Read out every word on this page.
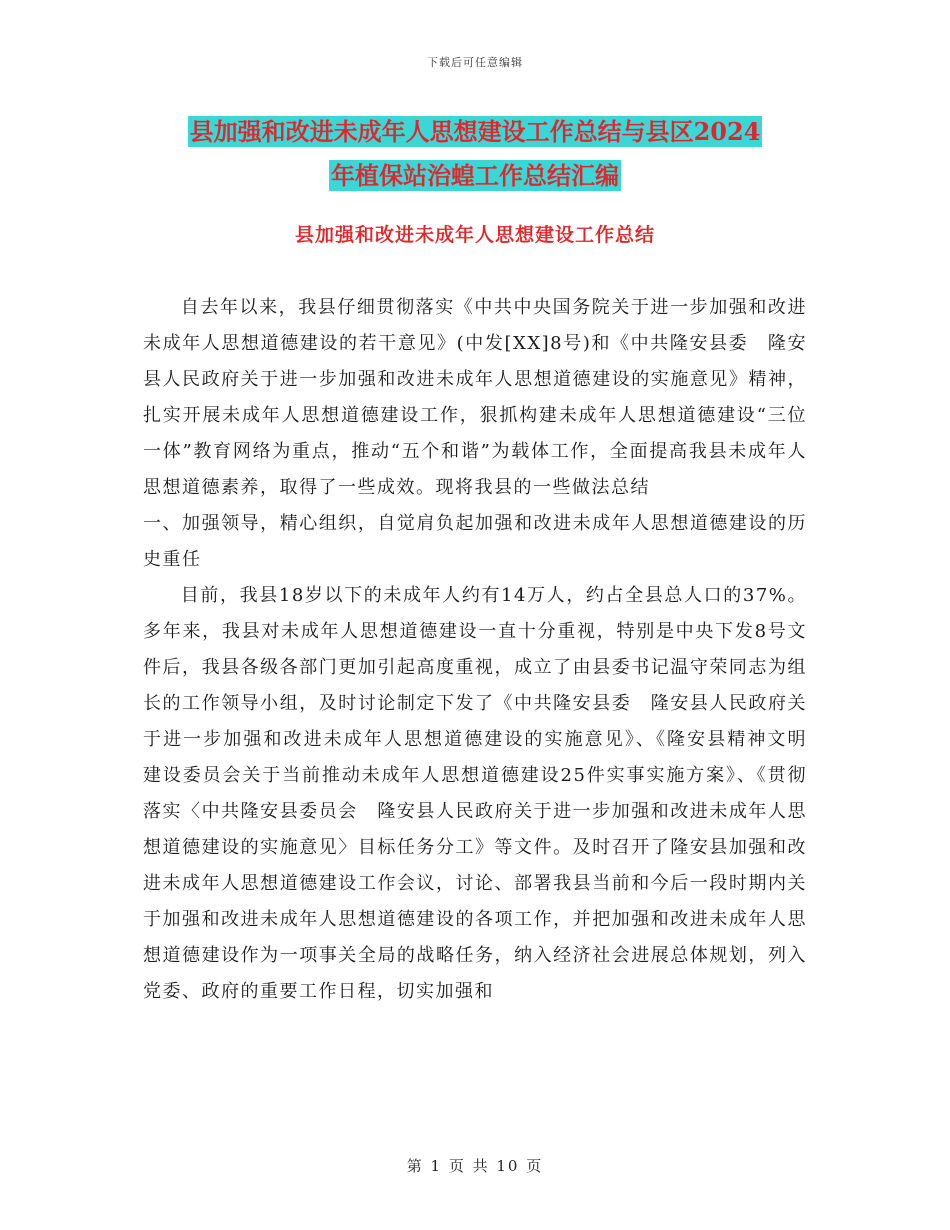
下载后可任意编辑
县加强和改进未成年人思想建设工作总结与县区2024
年植保站治蝗工作总结汇编
县加强和改进未成年人思想建设工作总结

自去年以来，我县仔细贯彻落实《中共中央国务院关于进一步加强和改进未成年人思想道德建设的若干意见》(中发[XX]8号)和《中共隆安县委　隆安县人民政府关于进一步加强和改进未成年人思想道德建设的实施意见》精神，扎实开展未成年人思想道德建设工作，狠抓构建未成年人思想道德建设“三位一体”教育网络为重点，推动“五个和谐”为载体工作，全面提高我县未成年人思想道德素养，取得了一些成效。现将我县的一些做法总结

一、加强领导，精心组织，自觉肩负起加强和改进未成年人思想道德建设的历史重任

目前，我县18岁以下的未成年人约有14万人，约占全县总人口的37%。多年来，我县对未成年人思想道德建设一直十分重视，特别是中央下发8号文件后，我县各级各部门更加引起高度重视，成立了由县委书记温守荣同志为组长的工作领导小组，及时讨论制定下发了《中共隆安县委　隆安县人民政府关于进一步加强和改进未成年人思想道德建设的实施意见》、《隆安县精神文明建设委员会关于当前推动未成年人思想道德建设25件实事实施方案》、《贯彻落实〈中共隆安县委员会　隆安县人民政府关于进一步加强和改进未成年人思想道德建设的实施意见〉目标任务分工》等文件。及时召开了隆安县加强和改进未成年人思想道德建设工作会议，讨论、部署我县当前和今后一段时期内关于加强和改进未成年人思想道德建设的各项工作，并把加强和改进未成年人思想道德建设作为一项事关全局的战略任务，纳入经济社会进展总体规划，列入党委、政府的重要工作日程，切实加强和

第 1 页 共 10 页
